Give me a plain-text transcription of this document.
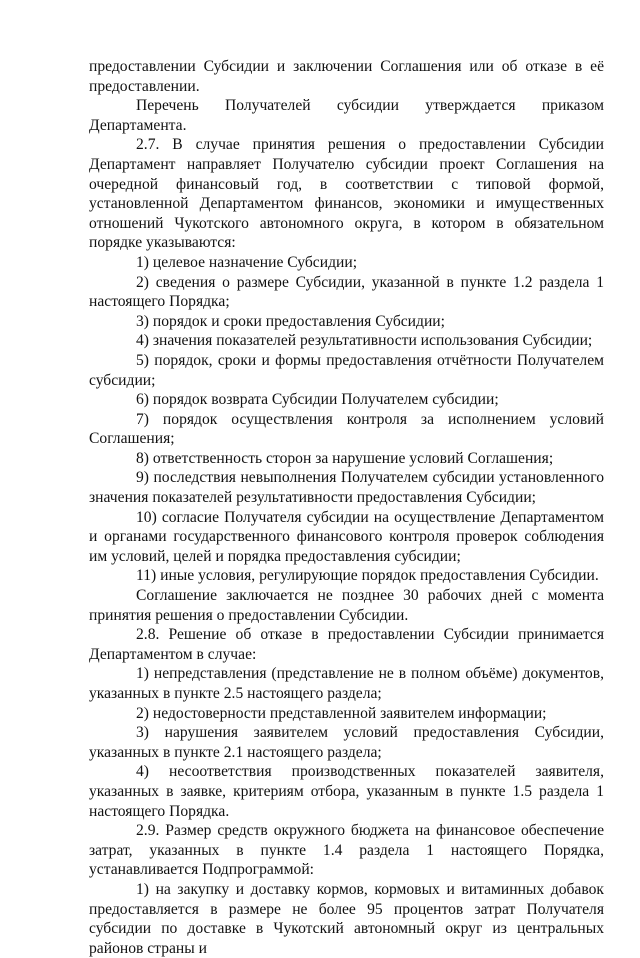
предоставлении Субсидии и заключении Соглашения или об отказе в её предоставлении.

Перечень Получателей субсидии утверждается приказом Департамента.

2.7. В случае принятия решения о предоставлении Субсидии Департамент направляет Получателю субсидии проект Соглашения на очередной финансовый год, в соответствии с типовой формой, установленной Департаментом финансов, экономики и имущественных отношений Чукотского автономного округа, в котором в обязательном порядке указываются:

1) целевое назначение Субсидии;

2) сведения о размере Субсидии, указанной в пункте 1.2 раздела 1 настоящего Порядка;

3) порядок и сроки предоставления Субсидии;

4) значения показателей результативности использования Субсидии;

5) порядок, сроки и формы предоставления отчётности Получателем субсидии;

6) порядок возврата Субсидии Получателем субсидии;

7) порядок осуществления контроля за исполнением условий Соглашения;

8) ответственность сторон за нарушение условий Соглашения;

9) последствия невыполнения Получателем субсидии установленного значения показателей результативности предоставления Субсидии;

10) согласие Получателя субсидии на осуществление Департаментом и органами государственного финансового контроля проверок соблюдения им условий, целей и порядка предоставления субсидии;

11) иные условия, регулирующие порядок предоставления Субсидии.

Соглашение заключается не позднее 30 рабочих дней с момента принятия решения о предоставлении Субсидии.

2.8. Решение об отказе в предоставлении Субсидии принимается Департаментом в случае:

1) непредставления (представление не в полном объёме) документов, указанных в пункте 2.5 настоящего раздела;

2) недостоверности представленной заявителем информации;

3) нарушения заявителем условий предоставления Субсидии, указанных в пункте 2.1 настоящего раздела;

4) несоответствия производственных показателей заявителя, указанных в заявке, критериям отбора, указанным в пункте 1.5 раздела 1 настоящего Порядка.

2.9. Размер средств окружного бюджета на финансовое обеспечение затрат, указанных в пункте 1.4 раздела 1 настоящего Порядка, устанавливается Подпрограммой:

1) на закупку и доставку кормов, кормовых и витаминных добавок предоставляется в размере не более 95 процентов затрат Получателя субсидии по доставке в Чукотский автономный округ из центральных районов страны и
